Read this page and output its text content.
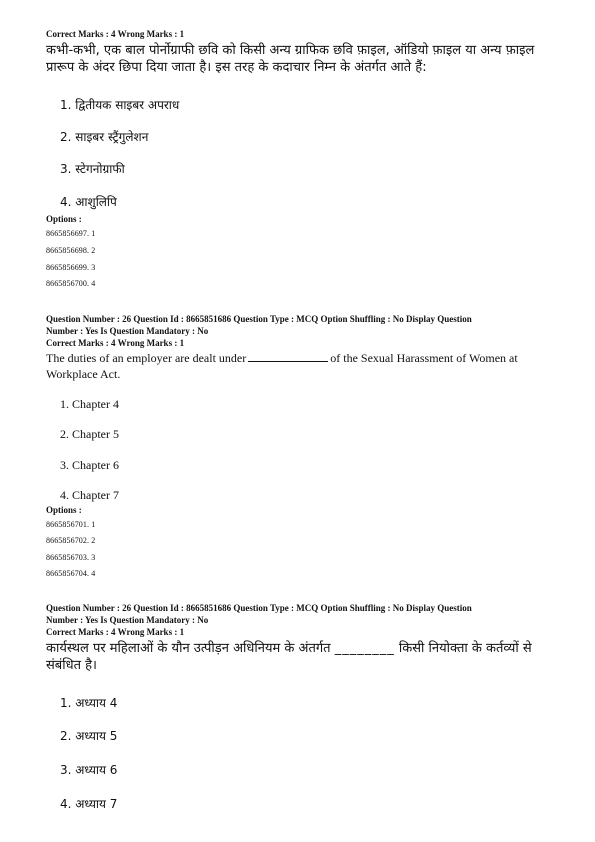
Correct Marks : 4 Wrong Marks : 1
कभी-कभी, एक बाल पोर्नोग्राफी छवि को किसी अन्य ग्राफिक छवि फ़ाइल, ऑडियो फ़ाइल या अन्य फ़ाइल प्रारूप के अंदर छिपा दिया जाता है। इस तरह के कदाचार निम्न के अंतर्गत आते हैं:
1. द्वितीयक साइबर अपराध
2. साइबर स्ट्रैंगुलेशन
3. स्टेगनोग्राफी
4. आशुलिपि
Options :
8665856697. 1
8665856698. 2
8665856699. 3
8665856700. 4
Question Number : 26 Question Id : 8665851686 Question Type : MCQ Option Shuffling : No Display Question
Number : Yes Is Question Mandatory : No
Correct Marks : 4 Wrong Marks : 1
The duties of an employer are dealt under	of the Sexual Harassment of Women at Workplace Act.
1. Chapter 4
2. Chapter 5
3. Chapter 6
4. Chapter 7
Options :
8665856701. 1
8665856702. 2
8665856703. 3
8665856704. 4
Question Number : 26 Question Id : 8665851686 Question Type : MCQ Option Shuffling : No Display Question
Number : Yes Is Question Mandatory : No
Correct Marks : 4 Wrong Marks : 1
कार्यस्थल पर महिलाओं के यौन उत्पीड़न अधिनियम के अंतर्गत ________ किसी नियोक्ता के कर्तव्यों से संबंधित है।
1. अध्याय 4
2. अध्याय 5
3. अध्याय 6
4. अध्याय 7
